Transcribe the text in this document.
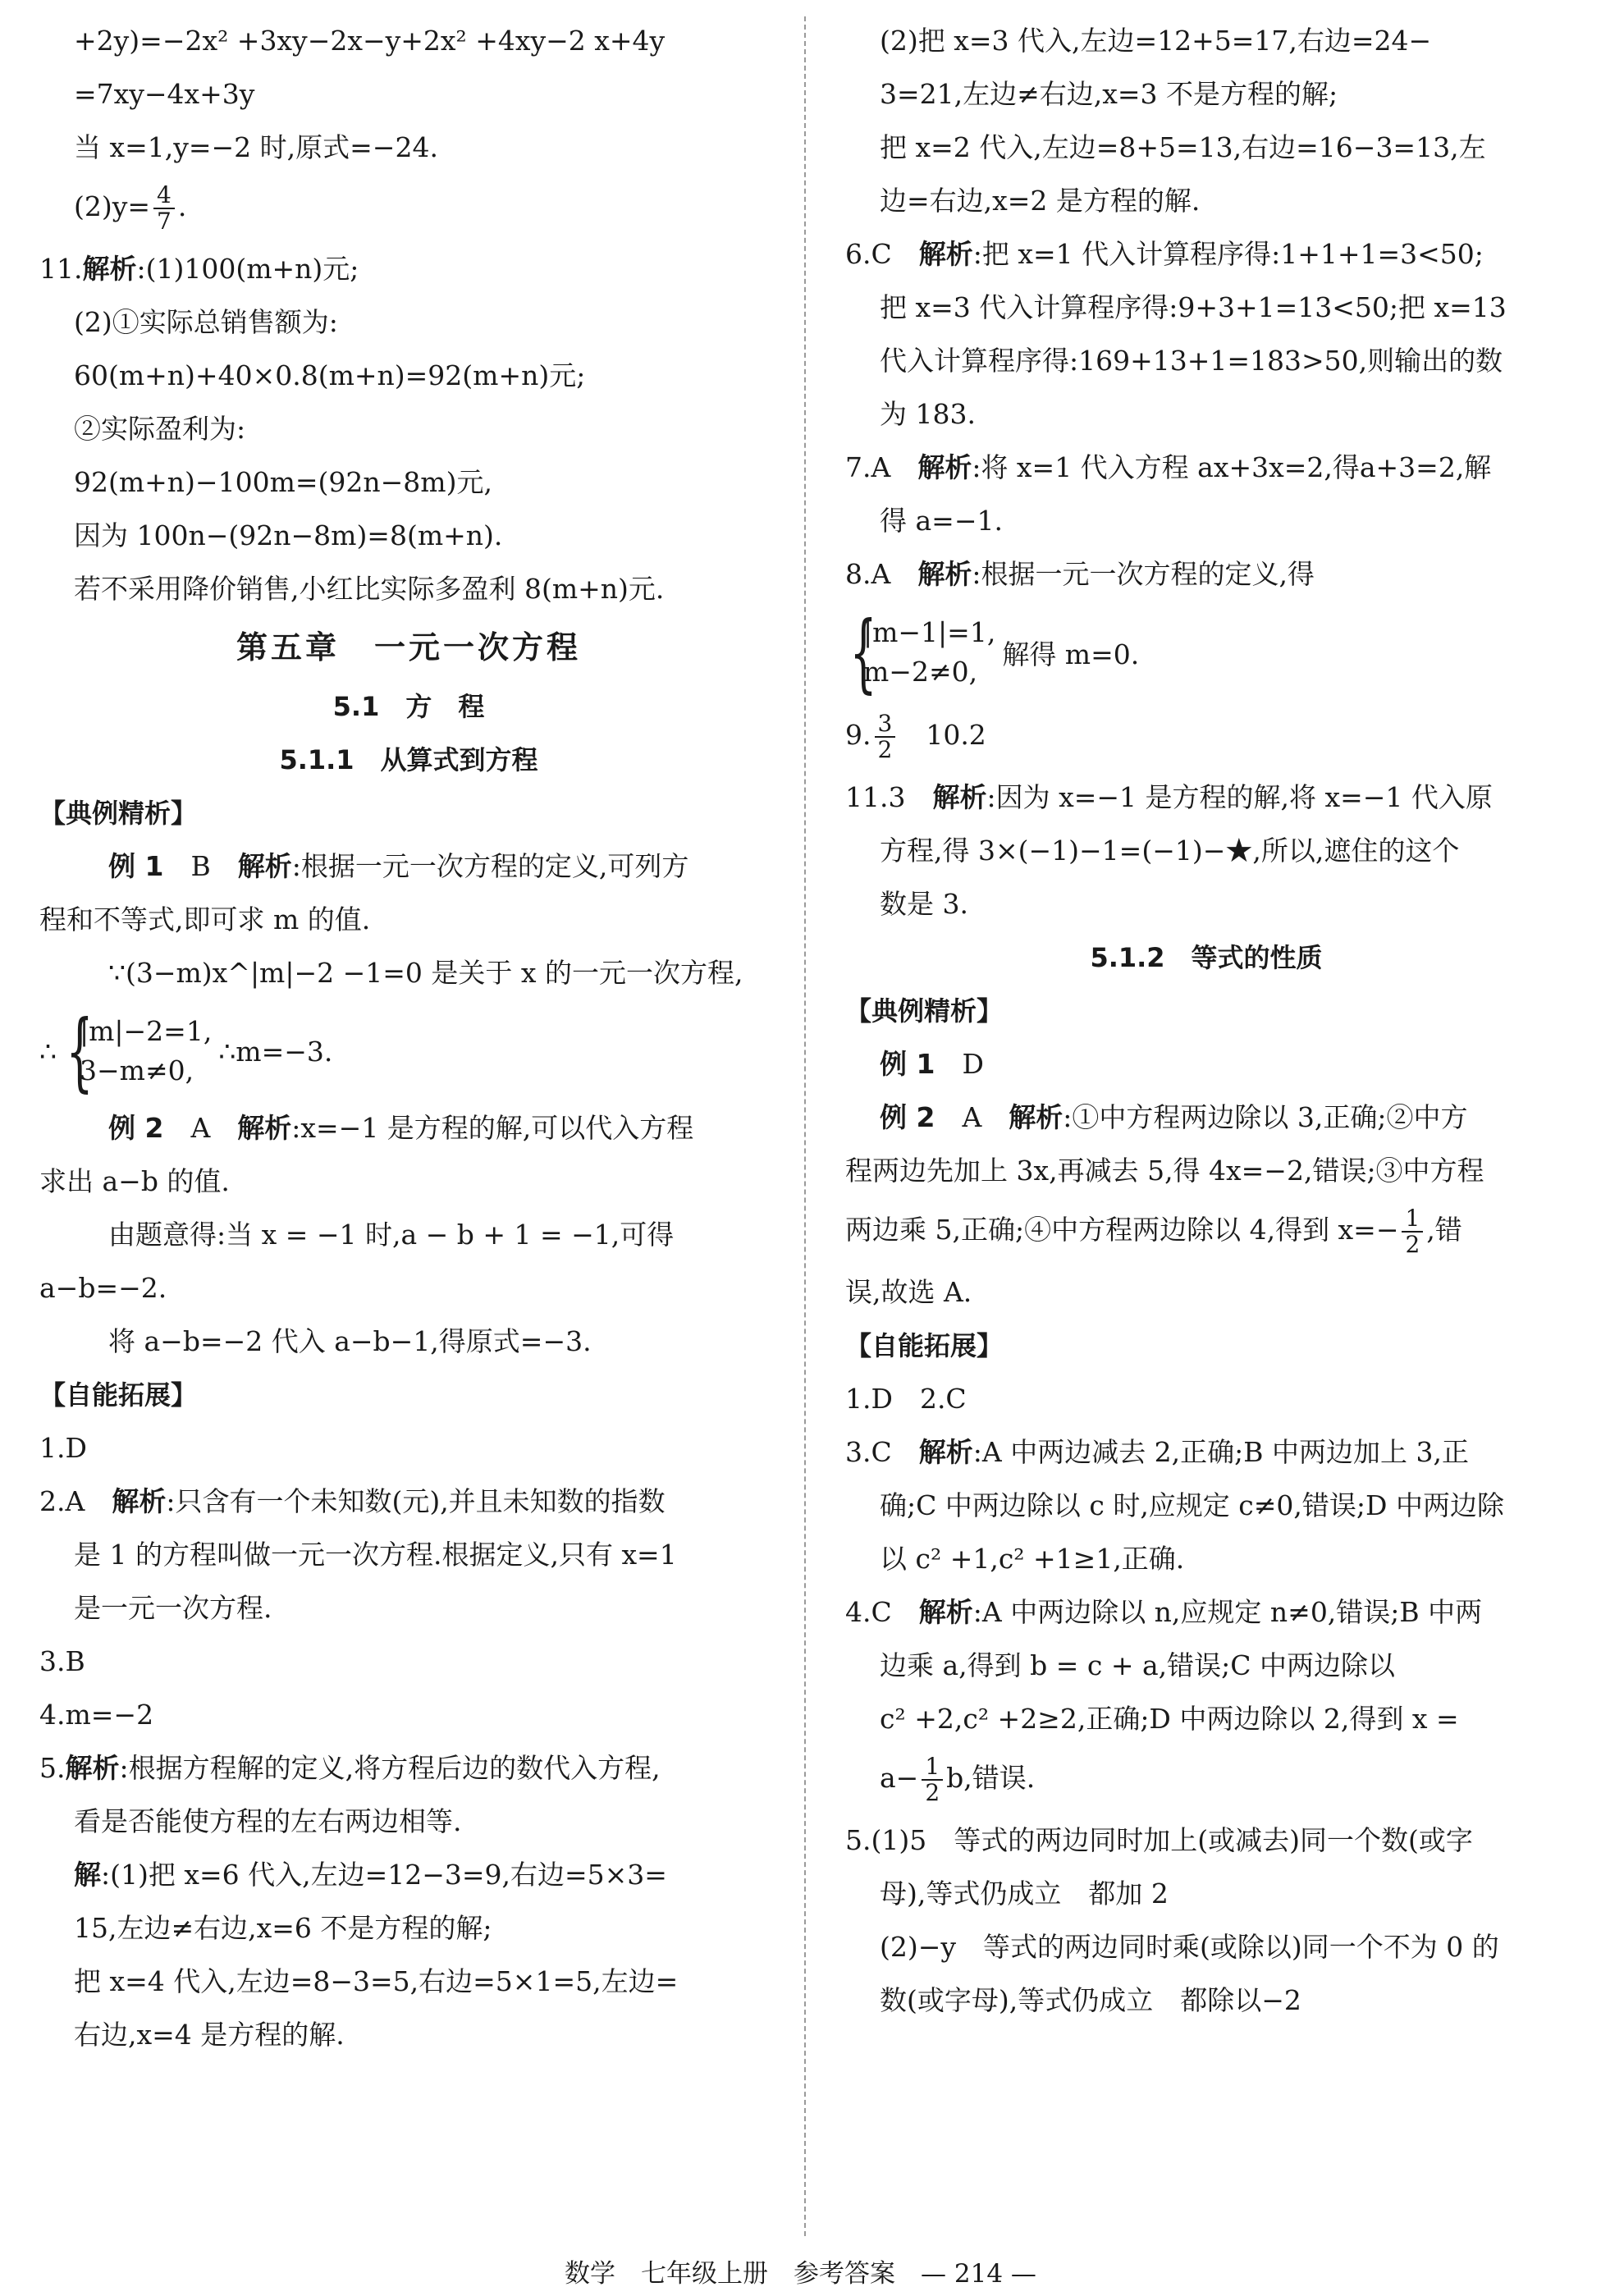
+2y)=−2x² +3xy−2x−y+2x² +4xy−2 x+4y

=7xy−4x+3y

当 x=1,y=−2 时,原式=−24.

$(2)y= \frac{4}{7}$ .

11.解析:(1)100(m+n)元;

(2)①实际总销售额为:

60(m+n)+40×0.8(m+n)=92(m+n)元;

②实际盈利为:

92(m+n)−100m=(92n−8m)元,

因为 100n−(92n−8m)=8(m+n).

若不采用降价销售,小红比实际多盈利 8(m+n)元.

第五章　一元一次方程

5.1　方　程

5.1.1　从算式到方程

【典例精析】

例 1　 B　 解析:根据一元一次方程的定义,可列方

程和不等式,即可求 m 的值.

∵(3−m)x^|m|−2 −1=0 是关于 x 的一元一次方程,

∴ {
|m|−2=1,
3−m≠0,
∴m=−3.

例 2　 A　 解析:x=−1 是方程的解,可以代入方程

求出 a−b 的值.

由题意得:当 x = −1 时,a − b + 1 = −1,可得

a−b=−2.

将 a−b=−2 代入 a−b−1,得原式=−3.

【自能拓展】

1.D

2.A　 解析:只含有一个未知数(元),并且未知数的指数

是 1 的方程叫做一元一次方程.根据定义,只有 x=1

是一元一次方程.

3.B

4.m=−2

5.解析:根据方程解的定义,将方程后边的数代入方程,

看是否能使方程的左右两边相等.

解:(1)把 x=6 代入,左边=12−3=9,右边=5×3=

15,左边≠右边,x=6 不是方程的解;

把 x=4 代入,左边=8−3=5,右边=5×1=5,左边=

右边,x=4 是方程的解.

(2)把 x=3 代入,左边=12+5=17,右边=24−

3=21,左边≠右边,x=3 不是方程的解;

把 x=2 代入,左边=8+5=13,右边=16−3=13,左

边=右边,x=2 是方程的解.

6.C　 解析:把 x=1 代入计算程序得:1+1+1=3<50;

把 x=3 代入计算程序得:9+3+1=13<50;把 x=13

代入计算程序得:169+13+1=183>50,则输出的数

为 183.

7.A　 解析:将 x=1 代入方程 ax+3x=2,得a+3=2,解

得 a=−1.

8.A　 解析:根据一元一次方程的定义,得

{
|m−1|=1,
m−2≠0,
解得 m=0.

9. $\frac{3}{2}$
　 10.2

11.3　 解析:因为 x=−1 是方程的解,将 x=−1 代入原

方程,得 3×(−1)−1=(−1)−★,所以,遮住的这个

数是 3.

5.1.2　等式的性质

【典例精析】

例 1　 D

例 2　 A　 解析:①中方程两边除以 3,正确;②中方

程两边先加上 3x,再减去 5,得 4x=−2,错误;③中方程

两边乘 5,正确;④中方程两边除以 4,得到 $x=- \frac{1}{2}$ ,错

误,故选 A.

【自能拓展】

1.D　2.C

3.C　 解析:A 中两边减去 2,正确;B 中两边加上 3,正

确;C 中两边除以 c 时,应规定 c≠0,错误;D 中两边除

以 c² +1,c² +1≥1,正确.

4.C　 解析:A 中两边除以 n,应规定 n≠0,错误;B 中两

边乘 a,得到 b = c + a,错误;C 中两边除以

c² +2,c² +2≥2,正确;D 中两边除以 2,得到 x =

$a- \frac{1}{2} b$,错误.

5.(1)5　等式的两边同时加上(或减去)同一个数(或字

母),等式仍成立　都加 2

(2)−y　等式的两边同时乘(或除以)同一个不为 0 的

数(或字母),等式仍成立　都除以−2

数学　七年级上册　参考答案　— 214 —
